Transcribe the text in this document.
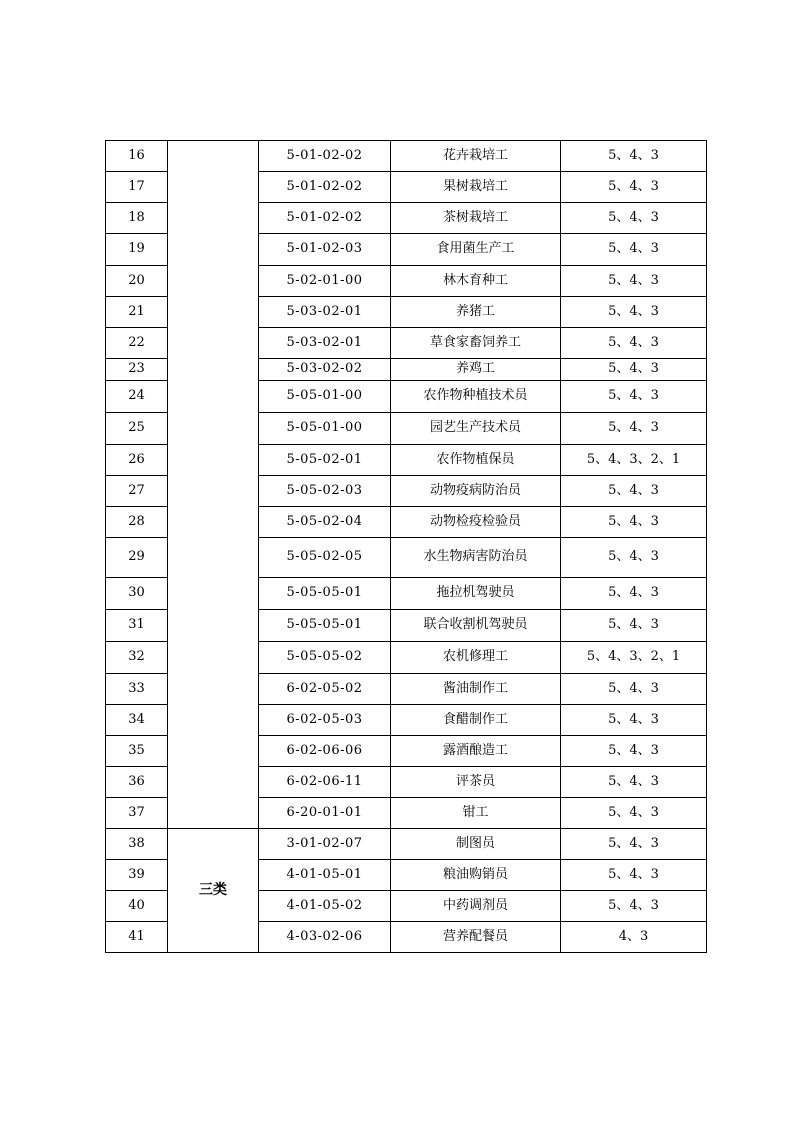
16		5-01-02-02	花卉栽培工	5、4、3
17		5-01-02-02	果树栽培工	5、4、3
18		5-01-02-02	茶树栽培工	5、4、3
19		5-01-02-03	食用菌生产工	5、4、3
20		5-02-01-00	林木育种工	5、4、3
21		5-03-02-01	养猪工	5、4、3
22		5-03-02-01	草食家畜饲养工	5、4、3
23		5-03-02-02	养鸡工	5、4、3
24		5-05-01-00	农作物种植技术员	5、4、3
25		5-05-01-00	园艺生产技术员	5、4、3
26		5-05-02-01	农作物植保员	5、4、3、2、1
27		5-05-02-03	动物疫病防治员	5、4、3
28		5-05-02-04	动物检疫检验员	5、4、3
29		5-05-02-05	水生物病害防治员	5、4、3
30		5-05-05-01	拖拉机驾驶员	5、4、3
31		5-05-05-01	联合收割机驾驶员	5、4、3
32		5-05-05-02	农机修理工	5、4、3、2、1
33		6-02-05-02	酱油制作工	5、4、3
34		6-02-05-03	食醋制作工	5、4、3
35		6-02-06-06	露酒酿造工	5、4、3
36		6-02-06-11	评茶员	5、4、3
37		6-20-01-01	钳工	5、4、3
38	三类	3-01-02-07	制图员	5、4、3
39		4-01-05-01	粮油购销员	5、4、3
40		4-01-05-02	中药调剂员	5、4、3
41		4-03-02-06	营养配餐员	4、3
